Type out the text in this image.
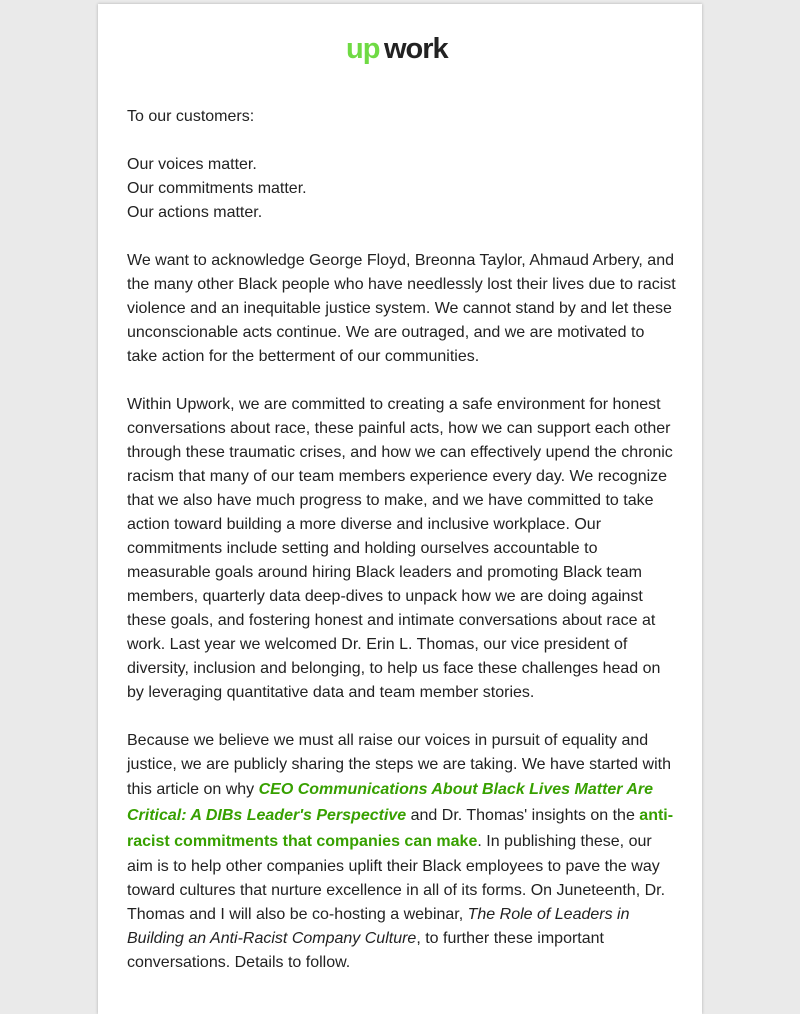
up work

To our customers:

Our voices matter.
Our commitments matter.
Our actions matter.

We want to acknowledge George Floyd, Breonna Taylor, Ahmaud Arbery, and the many other Black people who have needlessly lost their lives due to racist violence and an inequitable justice system. We cannot stand by and let these unconscionable acts continue. We are outraged, and we are motivated to take action for the betterment of our communities.

Within Upwork, we are committed to creating a safe environment for honest conversations about race, these painful acts, how we can support each other through these traumatic crises, and how we can effectively upend the chronic racism that many of our team members experience every day. We recognize that we also have much progress to make, and we have committed to take action toward building a more diverse and inclusive workplace. Our commitments include setting and holding ourselves accountable to measurable goals around hiring Black leaders and promoting Black team members, quarterly data deep-dives to unpack how we are doing against these goals, and fostering honest and intimate conversations about race at work. Last year we welcomed Dr. Erin L. Thomas, our vice president of diversity, inclusion and belonging, to help us face these challenges head on by leveraging quantitative data and team member stories.

Because we believe we must all raise our voices in pursuit of equality and justice, we are publicly sharing the steps we are taking. We have started with this article on why CEO Communications About Black Lives Matter Are Critical: A DIBs Leader's Perspective and Dr. Thomas' insights on the anti-racist commitments that companies can make. In publishing these, our aim is to help other companies uplift their Black employees to pave the way toward cultures that nurture excellence in all of its forms. On Juneteenth, Dr. Thomas and I will also be co-hosting a webinar, The Role of Leaders in Building an Anti-Racist Company Culture, to further these important conversations. Details to follow.
